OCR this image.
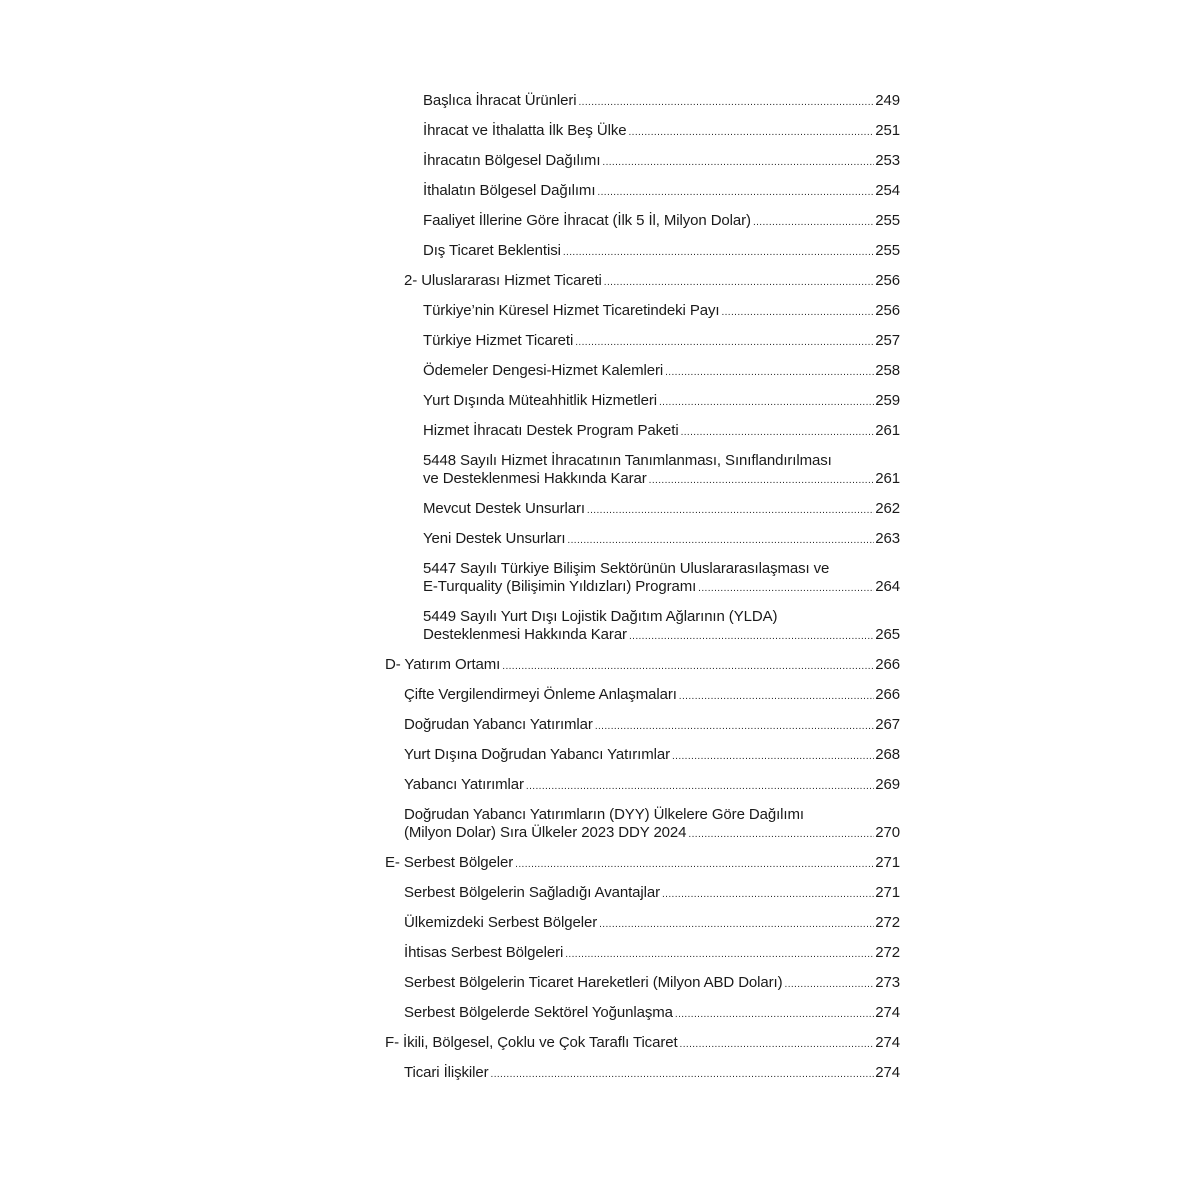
Başlıca İhracat Ürünleri .....	249
İhracat ve İthalatta İlk Beş Ülke .....	251
İhracatın Bölgesel Dağılımı .....	253
İthalatın Bölgesel Dağılımı .....	254
Faaliyet İllerine Göre İhracat (İlk 5 İl, Milyon Dolar) .....	255
Dış Ticaret Beklentisi .....	255
2- Uluslararası Hizmet Ticareti .....	256
Türkiye’nin Küresel Hizmet Ticaretindeki Payı .....	256
Türkiye Hizmet Ticareti .....	257
Ödemeler Dengesi-Hizmet Kalemleri .....	258
Yurt Dışında Müteahhitlik Hizmetleri .....	259
Hizmet İhracatı Destek Program Paketi .....	261
5448 Sayılı Hizmet İhracatının Tanımlanması, Sınıflandırılması
ve Desteklenmesi Hakkında Karar .....	261
Mevcut Destek Unsurları .....	262
Yeni Destek Unsurları .....	263
5447 Sayılı Türkiye Bilişim Sektörünün Uluslararasılaşması ve
E-Turquality (Bilişimin Yıldızları) Programı .....	264
5449 Sayılı Yurt Dışı Lojistik Dağıtım Ağlarının (YLDA)
Desteklenmesi Hakkında Karar .....	265
D- Yatırım Ortamı .....	266
Çifte Vergilendirmeyi Önleme Anlaşmaları .....	266
Doğrudan Yabancı Yatırımlar .....	267
Yurt Dışına Doğrudan Yabancı Yatırımlar .....	268
Yabancı Yatırımlar .....	269
Doğrudan Yabancı Yatırımların (DYY) Ülkelere Göre Dağılımı
(Milyon Dolar) Sıra Ülkeler 2023 DDY 2024 .....	270
E- Serbest Bölgeler .....	271
Serbest Bölgelerin Sağladığı Avantajlar .....	271
Ülkemizdeki Serbest Bölgeler .....	272
İhtisas Serbest Bölgeleri .....	272
Serbest Bölgelerin Ticaret Hareketleri (Milyon ABD Doları) .....	273
Serbest Bölgelerde Sektörel Yoğunlaşma .....	274
F- İkili, Bölgesel, Çoklu ve Çok Taraflı Ticaret .....	274
Ticari İlişkiler .....	274
